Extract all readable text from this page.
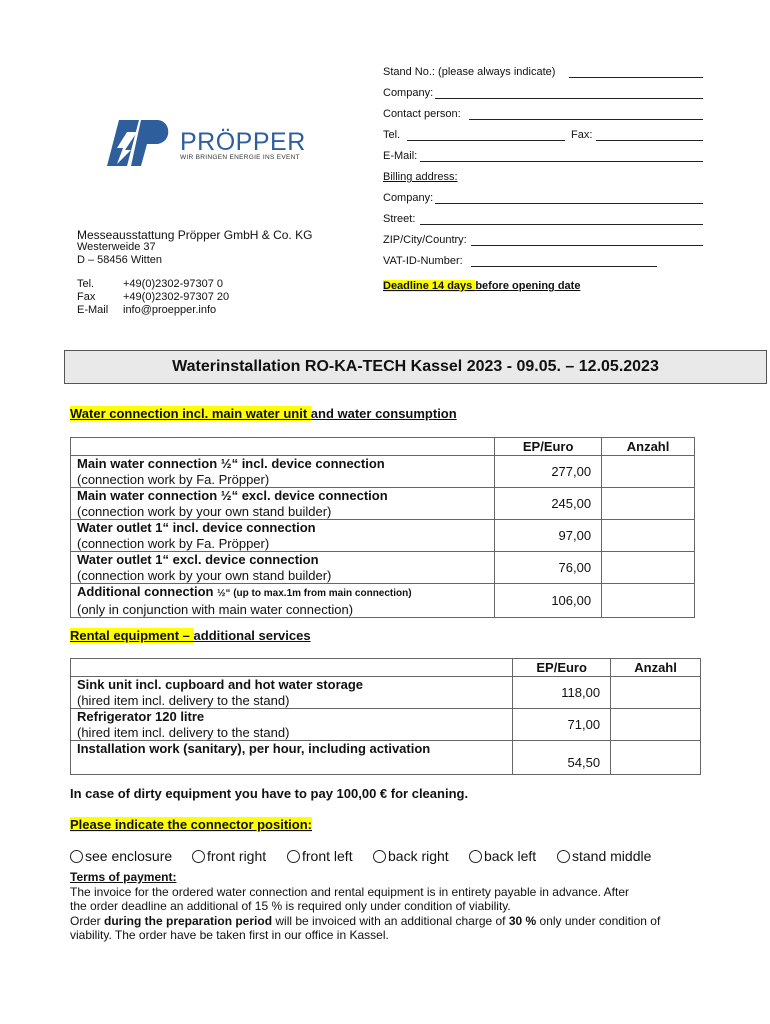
Stand No.: (please always indicate)
Company:
Contact person:
Tel.	Fax:
E-Mail:
Billing address:
Company:
Street:
ZIP/City/Country:
VAT-ID-Number:
Deadline 14 days before opening date
PRÖPPER
WIR BRINGEN ENERGIE INS EVENT
Messeausstattung Pröpper GmbH & Co. KG
Westerweide 37
D – 58456 Witten
Tel.	+49(0)2302-97307 0
Fax	+49(0)2302-97307 20
E-Mail info@proepper.info
Waterinstallation RO-KA-TECH Kassel 2023 - 09.05. – 12.05.2023
Water connection incl. main water unit and water consumption
	EP/Euro	Anzahl
Main water connection ½“ incl. device connection
(connection work by Fa. Pröpper)	277,00	
Main water connection ½“ excl. device connection
(connection work by your own stand builder)	245,00	
Water outlet 1“ incl. device connection
(connection work by Fa. Pröpper)	97,00	
Water outlet 1“ excl. device connection
(connection work by your own stand builder)	76,00	
Additional connection ½“ (up to max.1m from main connection)
(only in conjunction with main water connection)	106,00	
Rental equipment – additional services
	EP/Euro	Anzahl
Sink unit incl. cupboard and hot water storage
(hired item incl. delivery to the stand)	118,00	
Refrigerator 120 litre
(hired item incl. delivery to the stand)	71,00	
Installation work (sanitary), per hour, including activation	54,50	
In case of dirty equipment you have to pay 100,00 € for cleaning.
Please indicate the connector position:
see enclosure front right	front left	back right	back left	stand middle
Terms of payment:
The invoice for the ordered water connection and rental equipment is in entirety payable in advance. After
the order deadline an additional of 15 % is required only under condition of viability.
Order during the preparation period will be invoiced with an additional charge of 30 % only under condition of
viability. The order have be taken first in our office in Kassel.
